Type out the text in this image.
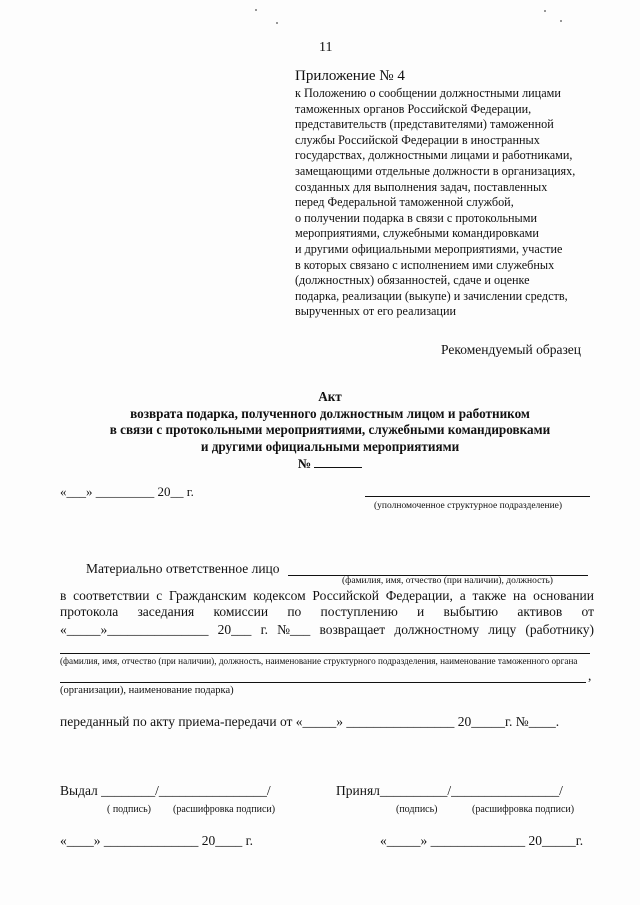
11
Приложение № 4
к Положению о сообщении должностными лицами
таможенных органов Российской Федерации,
представительств (представителями) таможенной
службы Российской Федерации в иностранных
государствах, должностными лицами и работниками,
замещающими отдельные должности в организациях,
созданных для выполнения задач, поставленных
перед Федеральной таможенной службой,
о получении подарка в связи с протокольными
мероприятиями, служебными командировками
и другими официальными мероприятиями, участие
в которых связано с исполнением ими служебных
(должностных) обязанностей, сдаче и оценке
подарка, реализации (выкупе) и зачислении средств,
вырученных от его реализации
Рекомендуемый образец
Акт
возврата подарка, полученного должностным лицом и работником
в связи с протокольными мероприятиями, служебными командировками
и другими официальными мероприятиями
№
«___» _________ 20__ г.
(уполномоченное структурное подразделение)
Материально ответственное лицо
(фамилия, имя, отчество (при наличии), должность)
в соответствии с Гражданским кодексом Российской Федерации, а также на основании
протокола заседания комиссии по поступлению и выбытию активов от
«_____»_______________ 20___ г. №___ возвращает должностному лицу (работнику)
(фамилия, имя, отчество (при наличии), должность, наименование структурного подразделения, наименование таможенного органа
,
(организации), наименование подарка)
переданный по акту приема-передачи от «_____» ________________ 20_____г. №____.
Выдал ________/________________/
( подпись) (расшифровка подписи)
«____» ______________ 20____ г.
Принял__________/________________/
(подпись)	(расшифровка подписи)
«_____» ______________ 20_____г.
